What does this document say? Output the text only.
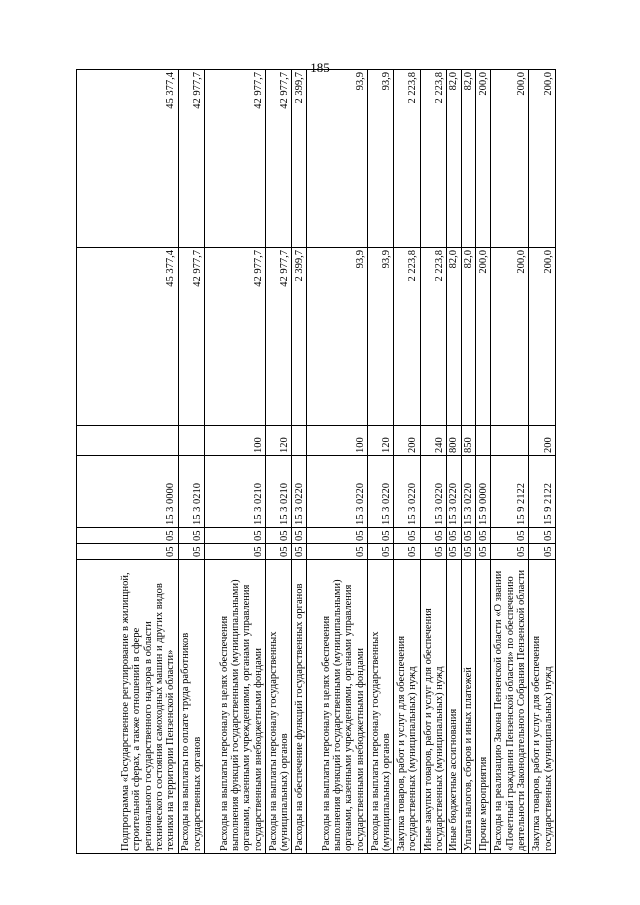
185
Подпрограмма «Государственное регулирование в жилищной, строительной сферах, а также отношений в сфере регионального государственного надзора в области технического состояния самоходных машин и других видов техники на территории Пензенской области»	05	05	15 3 0000		45 377,4	45 377,4
Расходы на выплаты по оплате труда работников государственных органов	05	05	15 3 0210		42 977,7	42 977,7
Расходы на выплаты персоналу в целях обеспечения выполнения функций государственными (муниципальными) органами, казенными учреждениями, органами управления государственными внебюджетными фондами	05	05	15 3 0210	100	42 977,7	42 977,7
Расходы на выплаты персоналу государственных (муниципальных) органов	05	05	15 3 0210	120	42 977,7	42 977,7
Расходы на обеспечение функций государственных органов	05	05	15 3 0220		2 399,7	2 399,7
Расходы на выплаты персоналу в целях обеспечения выполнения функций государственными (муниципальными) органами, казенными учреждениями, органами управления государственными внебюджетными фондами	05	05	15 3 0220	100	93,9	93,9
Расходы на выплаты персоналу государственных (муниципальных) органов	05	05	15 3 0220	120	93,9	93,9
Закупка товаров, работ и услуг для обеспечения государственных (муниципальных) нужд	05	05	15 3 0220	200	2 223,8	2 223,8
Иные закупки товаров, работ и услуг для обеспечения государственных (муниципальных) нужд	05	05	15 3 0220	240	2 223,8	2 223,8
Иные бюджетные ассигнования	05	05	15 3 0220	800	82,0	82,0
Уплата налогов, сборов и иных платежей	05	05	15 3 0220	850	82,0	82,0
Прочие мероприятия	05	05	15 9 0000		200,0	200,0
Расходы на реализацию Закона Пензенской области «О звании «Почетный гражданин Пензенской области» по обеспечению деятельности Законодательного Собрания Пензенской области	05	05	15 9 2122		200,0	200,0
Закупка товаров, работ и услуг для обеспечения государственных (муниципальных) нужд	05	05	15 9 2122	200	200,0	200,0
